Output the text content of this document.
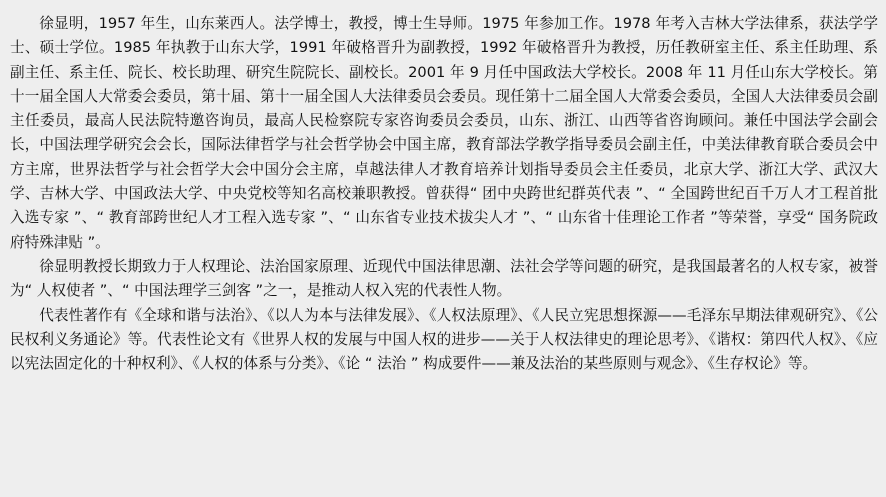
徐显明，1957 年生，山东莱西人。法学博士，教授，博士生导师。1975 年参加工作。1978 年考入吉林大学法律系，获法学学士、硕士学位。1985 年执教于山东大学，1991 年破格晋升为副教授，1992 年破格晋升为教授，历任教研室主任、系主任助理、系副主任、系主任、院长、校长助理、研究生院院长、副校长。2001 年 9 月任中国政法大学校长。2008 年 11 月任山东大学校长。第十一届全国人大常委会委员，第十届、第十一届全国人大法律委员会委员。现任第十二届全国人大常委会委员，全国人大法律委员会副主任委员，最高人民法院特邀咨询员，最高人民检察院专家咨询委员会委员，山东、浙江、山西等省咨询顾问。兼任中国法学会副会长，中国法理学研究会会长，国际法律哲学与社会哲学协会中国主席，教育部法学教学指导委员会副主任，中美法律教育联合委员会中方主席，世界法哲学与社会哲学大会中国分会主席，卓越法律人才教育培养计划指导委员会主任委员，北京大学、浙江大学、武汉大学、吉林大学、中国政法大学、中央党校等知名高校兼职教授。曾获得“ 团中央跨世纪群英代表 ”、“ 全国跨世纪百千万人才工程首批入选专家 ”、“ 教育部跨世纪人才工程入选专家 ”、“ 山东省专业技术拔尖人才 ”、“ 山东省十佳理论工作者 ”等荣誉，享受“ 国务院政府特殊津贴 ”。

徐显明教授长期致力于人权理论、法治国家原理、近现代中国法律思潮、法社会学等问题的研究，是我国最著名的人权专家，被誉为“ 人权使者 ”、“ 中国法理学三剑客 ”之一，是推动人权入宪的代表性人物。

代表性著作有《全球和谐与法治》、《以人为本与法律发展》、《人权法原理》、《人民立宪思想探源——毛泽东早期法律观研究》、《公民权利义务通论》等。代表性论文有《世界人权的发展与中国人权的进步——关于人权法律史的理论思考》、《谐权：第四代人权》、《应以宪法固定化的十种权利》、《人权的体系与分类》、《论 “ 法治 ” 构成要件——兼及法治的某些原则与观念》、《生存权论》等。
